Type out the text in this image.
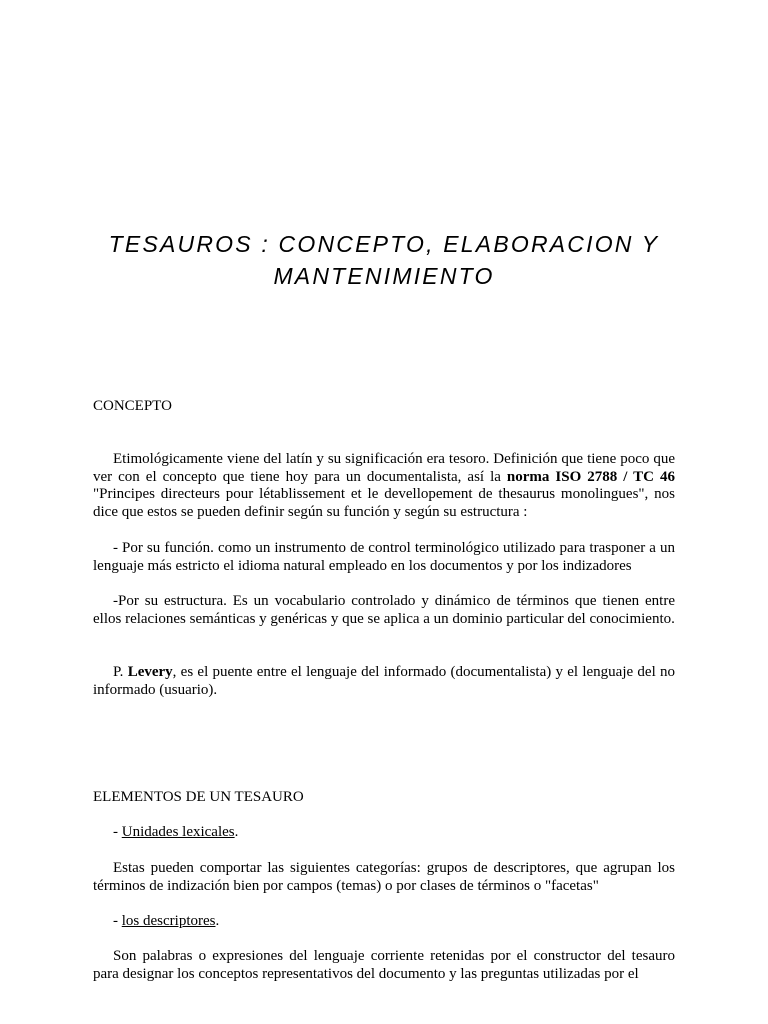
TESAUROS : CONCEPTO, ELABORACION Y
MANTENIMIENTO

CONCEPTO

Etimológicamente viene del latín y su significación era tesoro. Definición que tiene poco que ver con el concepto que tiene hoy para un documentalista, así la norma ISO 2788 / TC 46 "Principes directeurs pour létablissement et le devellopement de thesaurus monolingues", nos dice que estos se pueden definir según su función y según su estructura :

- Por su función. como un instrumento de control terminológico utilizado para trasponer a un lenguaje más estricto el idioma natural empleado en los documentos y por los indizadores

-Por su estructura. Es un vocabulario controlado y dinámico de términos que tienen entre ellos relaciones semánticas y genéricas y que se aplica a un dominio particular del conocimiento.

P. Levery, es el puente entre el lenguaje del informado (documentalista) y el lenguaje del no informado (usuario).

ELEMENTOS DE UN TESAURO

- Unidades lexicales.

Estas pueden comportar las siguientes categorías: grupos de descriptores, que agrupan los términos de indización bien por campos (temas) o por clases de términos o "facetas"

- los descriptores.

Son palabras o expresiones del lenguaje corriente retenidas por el constructor del tesauro para designar los conceptos representativos del documento y las preguntas utilizadas por el
